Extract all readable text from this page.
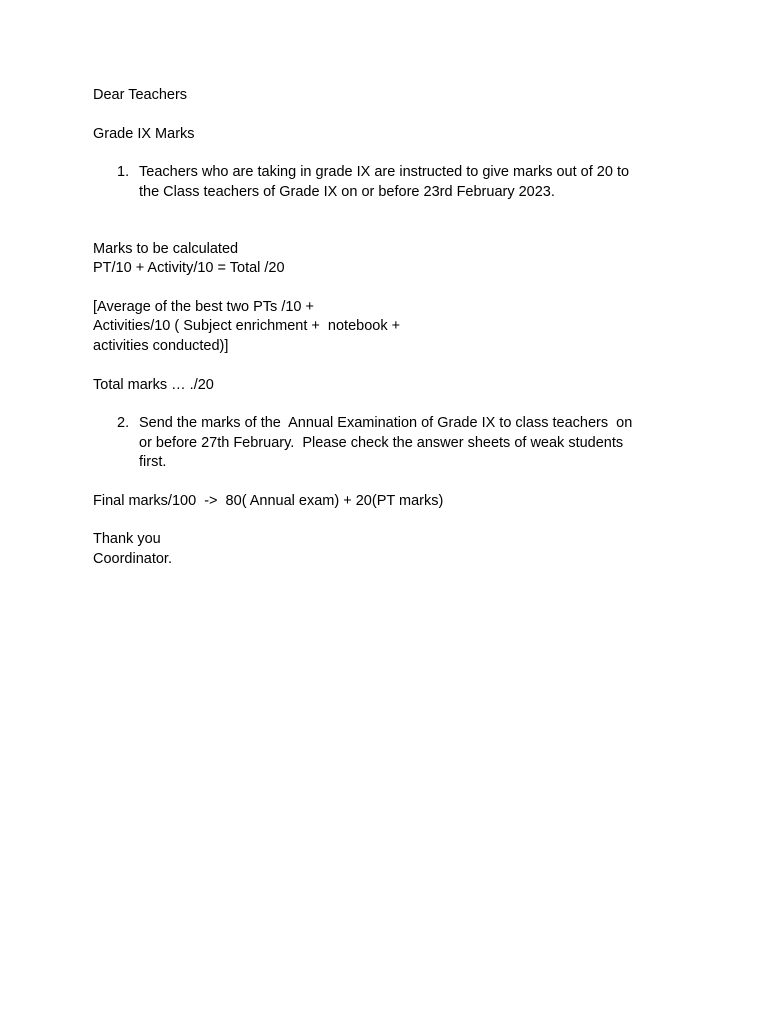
Dear Teachers

Grade IX Marks

1. Teachers who are taking in grade IX are instructed to give marks out of 20 to
the Class teachers of Grade IX on or before 23rd February 2023.

Marks to be calculated

PT/10 + Activity/10 = Total /20

[Average of the best two PTs /10 +

Activities/10 ( Subject enrichment +  notebook +

activities conducted)]

Total marks … ./20

2. Send the marks of the  Annual Examination of Grade IX to class teachers  on
or before 27th February.  Please check the answer sheets of weak students
first.

Final marks/100  ->  80( Annual exam) + 20(PT marks)

Thank you

Coordinator.
